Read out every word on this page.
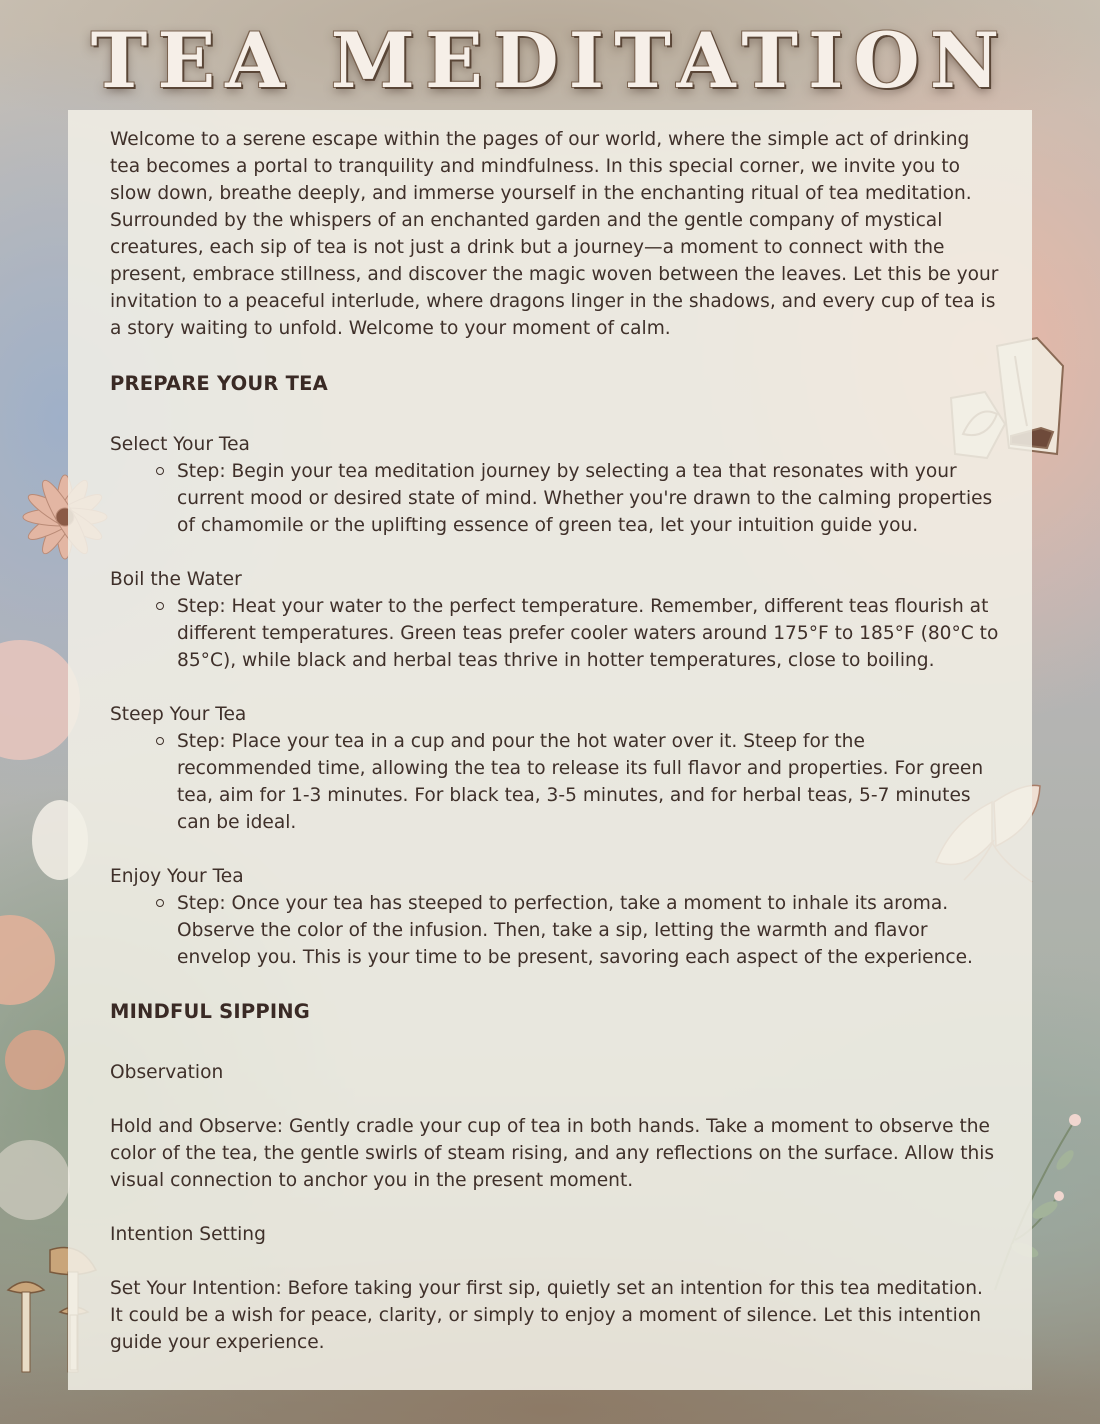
TEA MEDITATION

Welcome to a serene escape within the pages of our world, where the simple act of drinking tea becomes a portal to tranquility and mindfulness. In this special corner, we invite you to slow down, breathe deeply, and immerse yourself in the enchanting ritual of tea meditation. Surrounded by the whispers of an enchanted garden and the gentle company of mystical creatures, each sip of tea is not just a drink but a journey—a moment to connect with the present, embrace stillness, and discover the magic woven between the leaves. Let this be your invitation to a peaceful interlude, where dragons linger in the shadows, and every cup of tea is a story waiting to unfold. Welcome to your moment of calm.

PREPARE YOUR TEA

Select Your Tea

Step: Begin your tea meditation journey by selecting a tea that resonates with your current mood or desired state of mind. Whether you're drawn to the calming properties of chamomile or the uplifting essence of green tea, let your intuition guide you.

Boil the Water

Step: Heat your water to the perfect temperature. Remember, different teas flourish at different temperatures. Green teas prefer cooler waters around 175°F to 185°F (80°C to 85°C), while black and herbal teas thrive in hotter temperatures, close to boiling.

Steep Your Tea

Step: Place your tea in a cup and pour the hot water over it. Steep for the recommended time, allowing the tea to release its full flavor and properties. For green tea, aim for 1-3 minutes. For black tea, 3-5 minutes, and for herbal teas, 5-7 minutes can be ideal.

Enjoy Your Tea

Step: Once your tea has steeped to perfection, take a moment to inhale its aroma. Observe the color of the infusion. Then, take a sip, letting the warmth and flavor envelop you. This is your time to be present, savoring each aspect of the experience.
MINDFUL SIPPING

Observation

Hold and Observe: Gently cradle your cup of tea in both hands. Take a moment to observe the color of the tea, the gentle swirls of steam rising, and any reflections on the surface. Allow this visual connection to anchor you in the present moment.

Intention Setting

Set Your Intention: Before taking your first sip, quietly set an intention for this tea meditation. It could be a wish for peace, clarity, or simply to enjoy a moment of silence. Let this intention guide your experience.
